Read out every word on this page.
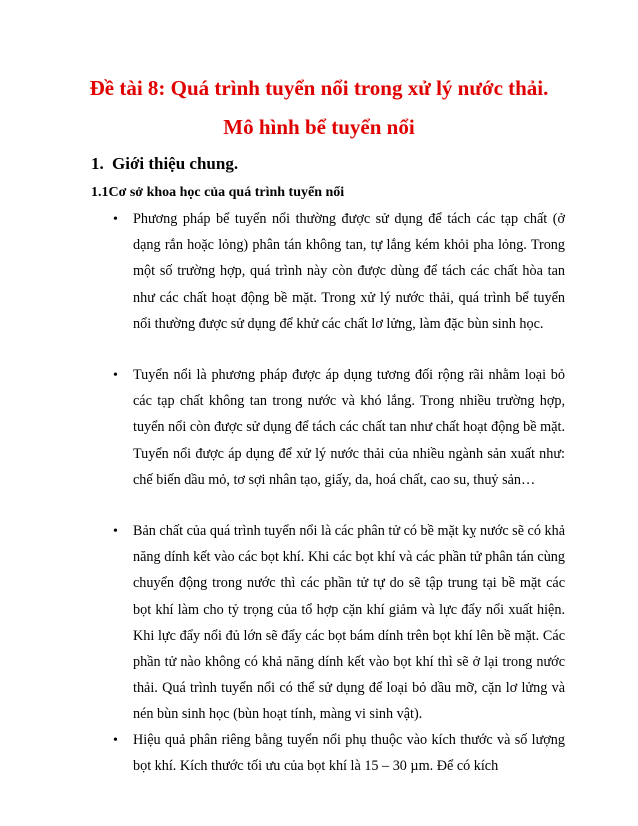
Đề tài 8: Quá trình tuyển nổi trong xử lý nước thải.
Mô hình bể tuyển nổi
1. Giới thiệu chung.
1.1Cơ sở khoa học của quá trình tuyển nổi
• Phương pháp bể tuyển nổi thường được sử dụng để tách các tạp chất (ở dạng rắn hoặc lỏng) phân tán không tan, tự lắng kém khỏi pha lỏng. Trong một số trường hợp, quá trình này còn được dùng để tách các chất hòa tan như các chất hoạt động bề mặt. Trong xử lý nước thải, quá trình bể tuyển nổi thường được sử dụng để khử các chất lơ lửng, làm đặc bùn sinh học.
• Tuyển nổi là phương pháp được áp dụng tương đối rộng rãi nhằm loại bỏ các tạp chất không tan trong nước và khó lắng. Trong nhiều trường hợp, tuyển nổi còn được sử dụng để tách các chất tan như chất hoạt động bề mặt. Tuyển nổi được áp dụng để xử lý nước thải của nhiều ngành sản xuất như: chế biến dầu mỏ, tơ sợi nhân tạo, giấy, da, hoá chất, cao su, thuỷ sản…
• Bản chất của quá trình tuyển nổi là các phân tử có bề mặt kỵ nước sẽ có khả năng dính kết vào các bọt khí. Khi các bọt khí và các phần tử phân tán cùng chuyển động trong nước thì các phần tử tự do sẽ tập trung tại bề mặt các bọt khí làm cho tỷ trọng của tổ hợp cặn khí giảm và lực đẩy nổi xuất hiện. Khi lực đẩy nổi đủ lớn sẽ đẩy các bọt bám dính trên bọt khí lên bề mặt. Các phần tử nào không có khả năng dính kết vào bọt khí thì sẽ ở lại trong nước thải. Quá trình tuyển nổi có thể sử dụng để loại bỏ dầu mỡ, cặn lơ lửng và nén bùn sinh học (bùn hoạt tính, màng vi sinh vật).
• Hiệu quả phân riêng bằng tuyển nổi phụ thuộc vào kích thước và số lượng bọt khí. Kích thước tối ưu của bọt khí là 15 – 30 µm. Để có kích
